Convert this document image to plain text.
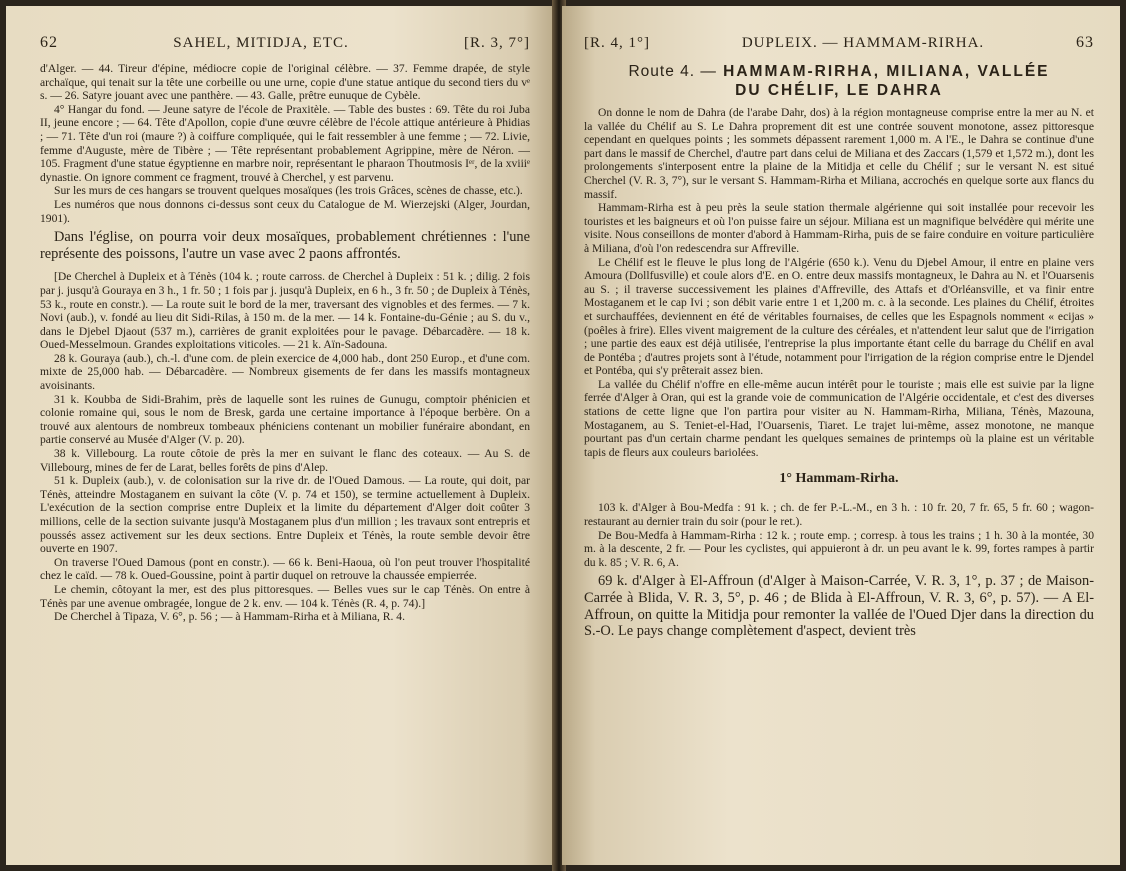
62	SAHEL, MITIDJA, ETC.	[R. 3, 7°]

d'Alger. — 44. Tireur d'épine, médiocre copie de l'original célèbre. — 37. Femme drapée, de style archaïque, qui tenait sur la tête une corbeille ou une urne, copie d'une statue antique du second tiers du vᵉ s. — 26. Satyre jouant avec une panthère. — 43. Galle, prêtre eunuque de Cybèle.

4° Hangar du fond. — Jeune satyre de l'école de Praxitèle. — Table des bustes : 69. Tête du roi Juba II, jeune encore ; — 64. Tête d'Apollon, copie d'une œuvre célèbre de l'école attique antérieure à Phidias ; — 71. Tête d'un roi (maure ?) à coiffure compliquée, qui le fait ressembler à une femme ; — 72. Livie, femme d'Auguste, mère de Tibère ; — Tête représentant probablement Agrippine, mère de Néron. — 105. Fragment d'une statue égyptienne en marbre noir, représentant le pharaon Thoutmosis Iᵉʳ, de la xviiiᵉ dynastie. On ignore comment ce fragment, trouvé à Cherchel, y est parvenu.

Sur les murs de ces hangars se trouvent quelques mosaïques (les trois Grâces, scènes de chasse, etc.).

Les numéros que nous donnons ci-dessus sont ceux du Catalogue de M. Wierzejski (Alger, Jourdan, 1901).

Dans l'église, on pourra voir deux mosaïques, probablement chrétiennes : l'une représente des poissons, l'autre un vase avec 2 paons affrontés.

[De Cherchel à Dupleix et à Ténès (104 k. ; route carross. de Cherchel à Dupleix : 51 k. ; dilig. 2 fois par j. jusqu'à Gouraya en 3 h., 1 fr. 50 ; 1 fois par j. jusqu'à Dupleix, en 6 h., 3 fr. 50 ; de Dupleix à Ténès, 53 k., route en constr.). — La route suit le bord de la mer, traversant des vignobles et des fermes. — 7 k. Novi (aub.), v. fondé au lieu dit Sidi-Rilas, à 150 m. de la mer. — 14 k. Fontaine-du-Génie ; au S. du v., dans le Djebel Djaout (537 m.), carrières de granit exploitées pour le pavage. Débarcadère. — 18 k. Oued-Messelmoun. Grandes exploitations viticoles. — 21 k. Aïn-Sadouna.

28 k. Gouraya (aub.), ch.-l. d'une com. de plein exercice de 4,000 hab., dont 250 Europ., et d'une com. mixte de 25,000 hab. — Débarcadère. — Nombreux gisements de fer dans les massifs montagneux avoisinants.

31 k. Koubba de Sidi-Brahim, près de laquelle sont les ruines de Gunugu, comptoir phénicien et colonie romaine qui, sous le nom de Bresk, garda une certaine importance à l'époque berbère. On a trouvé aux alentours de nombreux tombeaux phéniciens contenant un mobilier funéraire abondant, en partie conservé au Musée d'Alger (V. p. 20).

38 k. Villebourg. La route côtoie de près la mer en suivant le flanc des coteaux. — Au S. de Villebourg, mines de fer de Larat, belles forêts de pins d'Alep.

51 k. Dupleix (aub.), v. de colonisation sur la rive dr. de l'Oued Damous. — La route, qui doit, par Ténès, atteindre Mostaganem en suivant la côte (V. p. 74 et 150), se termine actuellement à Dupleix. L'exécution de la section comprise entre Dupleix et la limite du département d'Alger doit coûter 3 millions, celle de la section suivante jusqu'à Mostaganem plus d'un million ; les travaux sont entrepris et poussés assez activement sur les deux sections. Entre Dupleix et Ténès, la route semble devoir être ouverte en 1907.

On traverse l'Oued Damous (pont en constr.). — 66 k. Beni-Haoua, où l'on peut trouver l'hospitalité chez le caïd. — 78 k. Oued-Goussine, point à partir duquel on retrouve la chaussée empierrée.

Le chemin, côtoyant la mer, est des plus pittoresques. — Belles vues sur le cap Ténès. On entre à Ténès par une avenue ombragée, longue de 2 k. env. — 104 k. Ténès (R. 4, p. 74).]

De Cherchel à Tipaza, V. 6°, p. 56 ; — à Hammam-Rirha et à Miliana, R. 4.

[R. 4, 1°]	DUPLEIX. — HAMMAM-RIRHA.	63
Route 4. — HAMMAM-RIRHA, MILIANA, VALLÉE
DU CHÉLIF, LE DAHRA

On donne le nom de Dahra (de l'arabe Dahr, dos) à la région montagneuse comprise entre la mer au N. et la vallée du Chélif au S. Le Dahra proprement dit est une contrée souvent monotone, assez pittoresque cependant en quelques points ; les sommets dépassent rarement 1,000 m. A l'E., le Dahra se continue d'une part dans le massif de Cherchel, d'autre part dans celui de Miliana et des Zaccars (1,579 et 1,572 m.), dont les prolongements s'interposent entre la plaine de la Mitidja et celle du Chélif ; sur le versant N. est situé Cherchel (V. R. 3, 7°), sur le versant S. Hammam-Rirha et Miliana, accrochés en quelque sorte aux flancs du massif.

Hammam-Rirha est à peu près la seule station thermale algérienne qui soit installée pour recevoir les touristes et les baigneurs et où l'on puisse faire un séjour. Miliana est un magnifique belvédère qui mérite une visite. Nous conseillons de monter d'abord à Hammam-Rirha, puis de se faire conduire en voiture particulière à Miliana, d'où l'on redescendra sur Affreville.

Le Chélif est le fleuve le plus long de l'Algérie (650 k.). Venu du Djebel Amour, il entre en plaine vers Amoura (Dollfusville) et coule alors d'E. en O. entre deux massifs montagneux, le Dahra au N. et l'Ouarsenis au S. ; il traverse successivement les plaines d'Affreville, des Attafs et d'Orléansville, et va finir entre Mostaganem et le cap Ivi ; son débit varie entre 1 et 1,200 m. c. à la seconde. Les plaines du Chélif, étroites et surchauffées, deviennent en été de véritables fournaises, de celles que les Espagnols nomment « ecijas » (poêles à frire). Elles vivent maigrement de la culture des céréales, et n'attendent leur salut que de l'irrigation ; une partie des eaux est déjà utilisée, l'entreprise la plus importante étant celle du barrage du Chélif en aval de Pontéba ; d'autres projets sont à l'étude, notamment pour l'irrigation de la région comprise entre le Djendel et Pontéba, qui s'y prêterait assez bien.

La vallée du Chélif n'offre en elle-même aucun intérêt pour le touriste ; mais elle est suivie par la ligne ferrée d'Alger à Oran, qui est la grande voie de communication de l'Algérie occidentale, et c'est des diverses stations de cette ligne que l'on partira pour visiter au N. Hammam-Rirha, Miliana, Ténès, Mazouna, Mostaganem, au S. Teniet-el-Had, l'Ouarsenis, Tiaret. Le trajet lui-même, assez monotone, ne manque pourtant pas d'un certain charme pendant les quelques semaines de printemps où la plaine est un véritable tapis de fleurs aux couleurs bariolées.

1° Hammam-Rirha.

103 k. d'Alger à Bou-Medfa : 91 k. ; ch. de fer P.-L.-M., en 3 h. : 10 fr. 20, 7 fr. 65, 5 fr. 60 ; wagon-restaurant au dernier train du soir (pour le ret.).

De Bou-Medfa à Hammam-Rirha : 12 k. ; route emp. ; corresp. à tous les trains ; 1 h. 30 à la montée, 30 m. à la descente, 2 fr. — Pour les cyclistes, qui appuieront à dr. un peu avant le k. 99, fortes rampes à partir du k. 85 ; V. R. 6, A.

69 k. d'Alger à El-Affroun (d'Alger à Maison-Carrée, V. R. 3, 1°, p. 37 ; de Maison-Carrée à Blida, V. R. 3, 5°, p. 46 ; de Blida à El-Affroun, V. R. 3, 6°, p. 57). — A El-Affroun, on quitte la Mitidja pour remonter la vallée de l'Oued Djer dans la direction du S.-O. Le pays change complètement d'aspect, devient très
